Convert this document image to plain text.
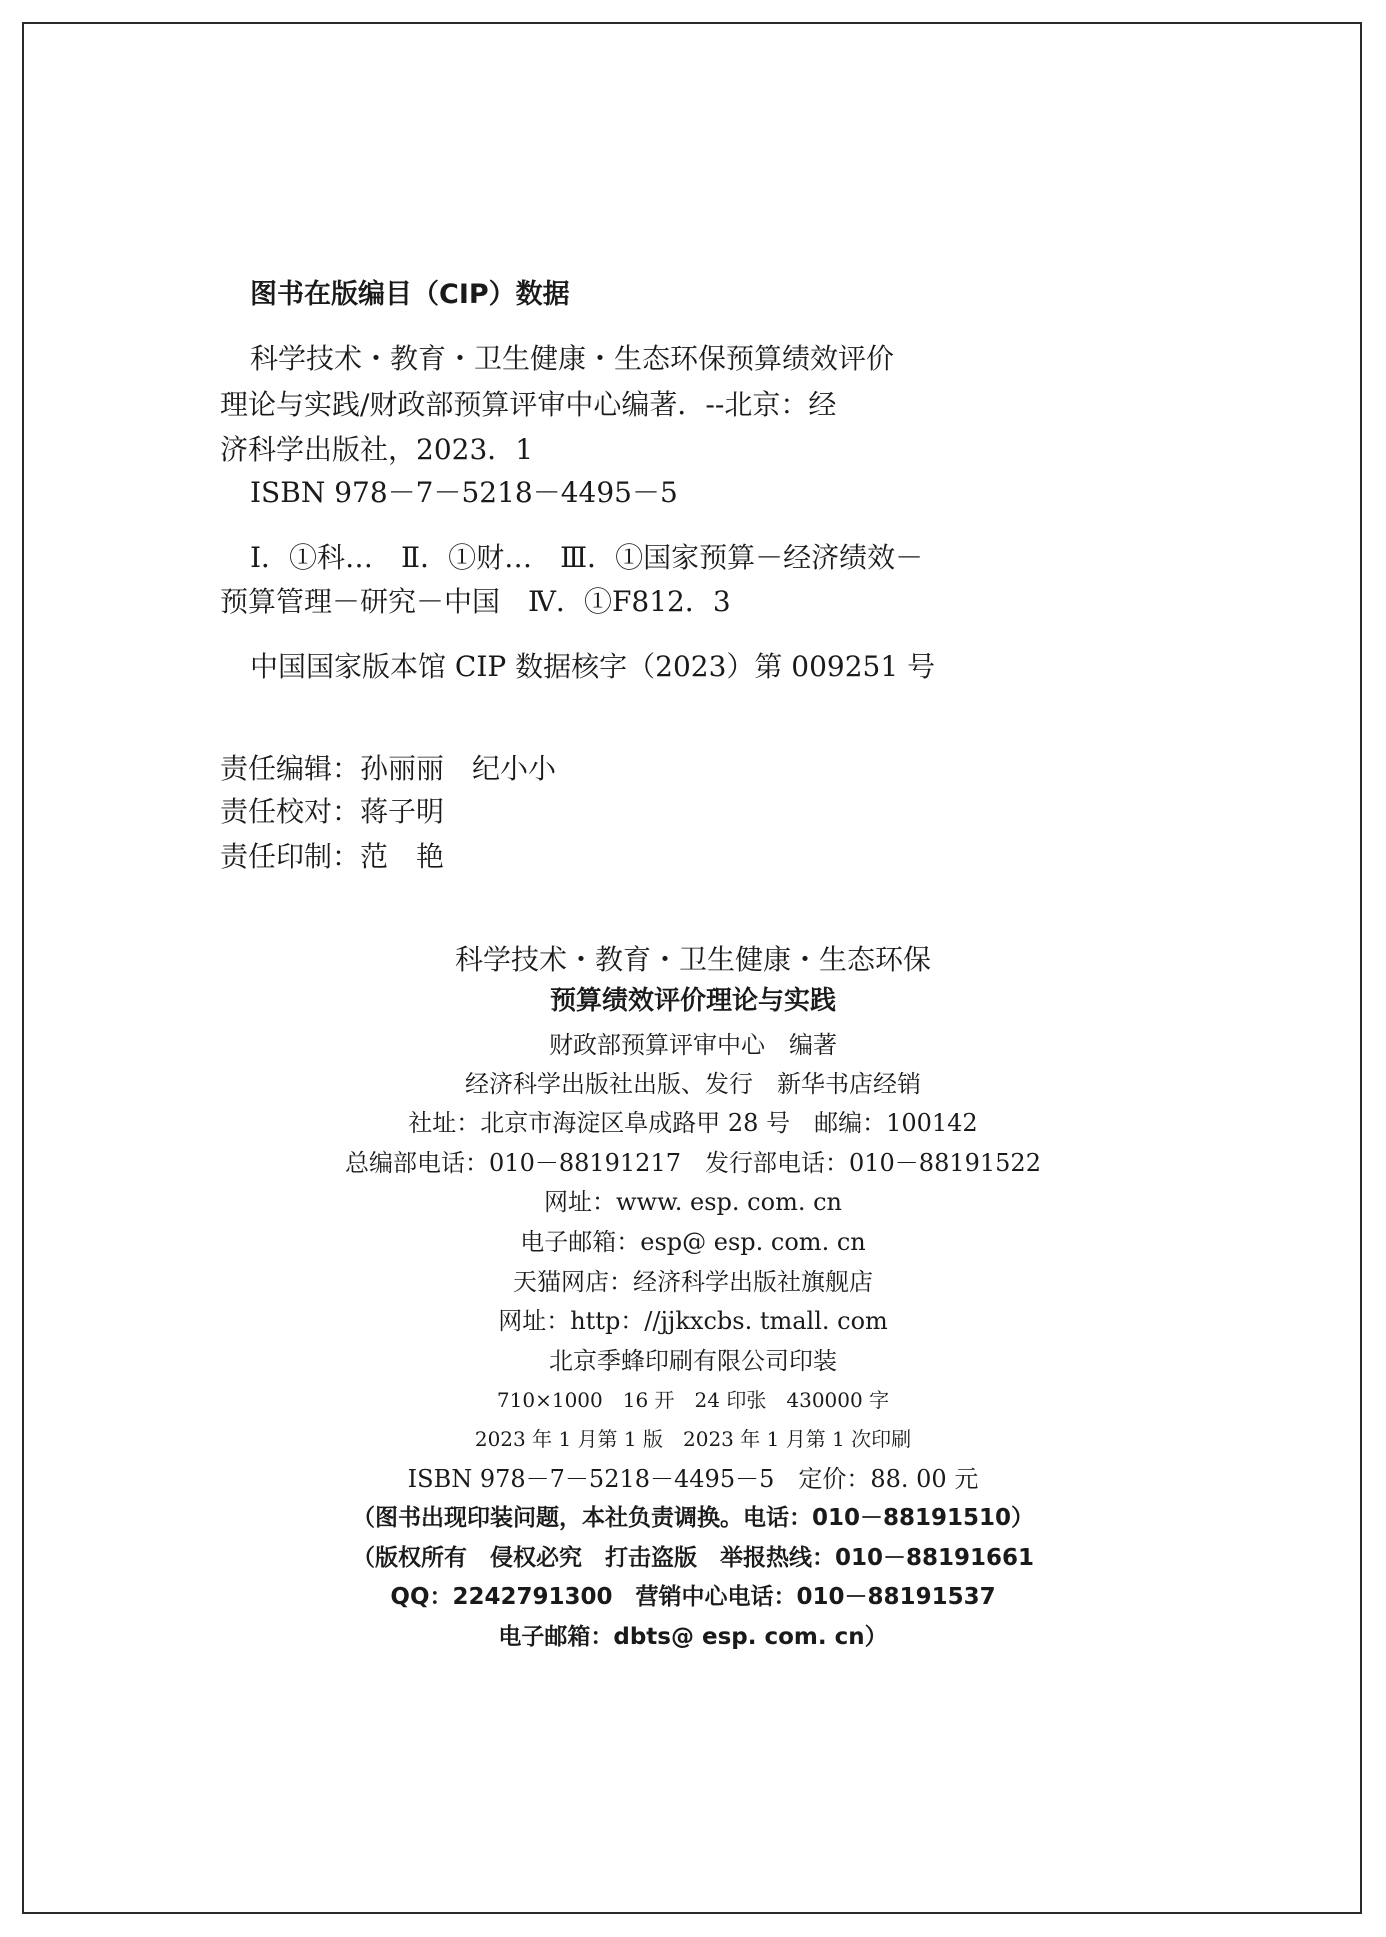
图书在版编目（CIP）数据
科学技术・教育・卫生健康・生态环保预算绩效评价
理论与实践/财政部预算评审中心编著．--北京：经
济科学出版社，2023．1
ISBN 978－7－5218－4495－5
Ⅰ．①科…　Ⅱ．①财…　Ⅲ．①国家预算－经济绩效－
预算管理－研究－中国　Ⅳ．①F812．3
中国国家版本馆 CIP 数据核字（2023）第 009251 号
责任编辑：孙丽丽　纪小小
责任校对：蒋子明
责任印制：范　艳
科学技术・教育・卫生健康・生态环保
预算绩效评价理论与实践
财政部预算评审中心　编著
经济科学出版社出版、发行　新华书店经销
社址：北京市海淀区阜成路甲 28 号　邮编：100142
总编部电话：010－88191217　发行部电话：010－88191522
网址：www. esp. com. cn
电子邮箱：esp@ esp. com. cn
天猫网店：经济科学出版社旗舰店
网址：http：//jjkxcbs. tmall. com
北京季蜂印刷有限公司印装
710×1000　16 开　24 印张　430000 字
2023 年 1 月第 1 版　2023 年 1 月第 1 次印刷
ISBN 978－7－5218－4495－5　定价：88. 00 元
（图书出现印装问题，本社负责调换。电话：010－88191510）
（版权所有　侵权必究　打击盗版　举报热线：010－88191661
QQ：2242791300　营销中心电话：010－88191537
电子邮箱：dbts@ esp. com. cn）
